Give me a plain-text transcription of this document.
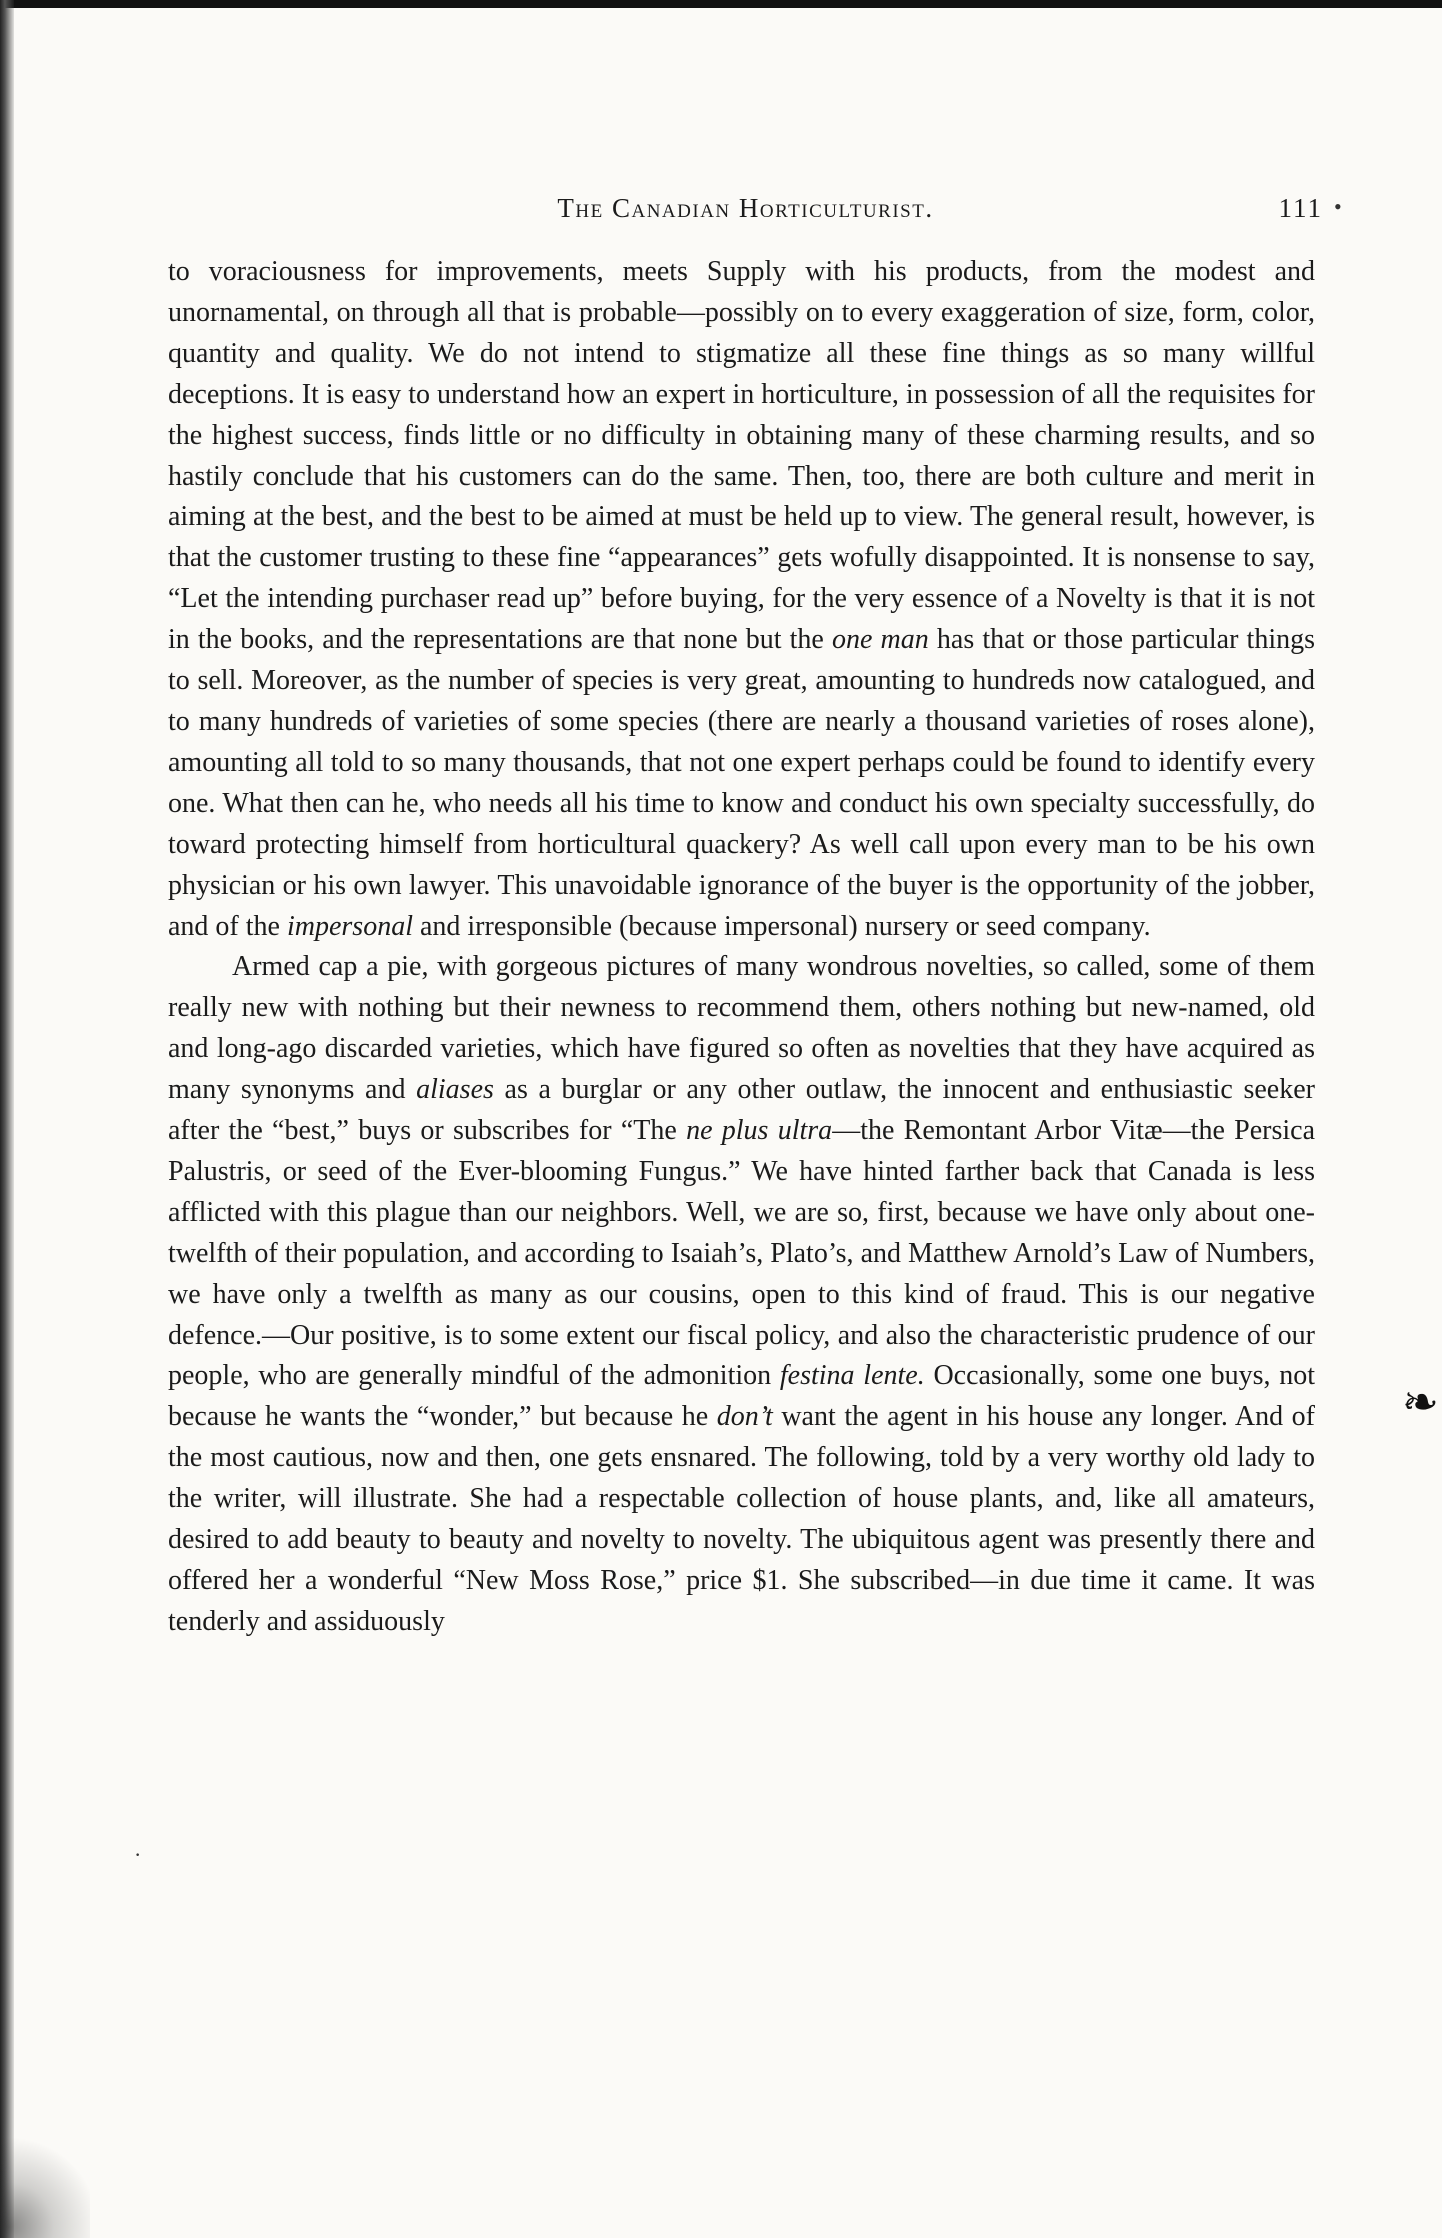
❧
•
·
The Canadian Horticulturist.	111

to voraciousness for improvements, meets Supply with his products, from the modest and unornamental, on through all that is probable—possibly on to every exaggeration of size, form, color, quantity and quality. We do not intend to stigmatize all these fine things as so many willful deceptions. It is easy to understand how an expert in horticulture, in possession of all the requisites for the highest success, finds little or no difficulty in obtaining many of these charming results, and so hastily conclude that his customers can do the same. Then, too, there are both culture and merit in aiming at the best, and the best to be aimed at must be held up to view. The general result, however, is that the customer trusting to these fine “appearances” gets wofully disappointed. It is nonsense to say, “Let the intending purchaser read up” before buying, for the very essence of a Novelty is that it is not in the books, and the representations are that none but the one man has that or those particular things to sell. Moreover, as the number of species is very great, amounting to hundreds now catalogued, and to many hundreds of varieties of some species (there are nearly a thousand varieties of roses alone), amounting all told to so many thousands, that not one expert perhaps could be found to identify every one. What then can he, who needs all his time to know and conduct his own specialty successfully, do toward protecting himself from horticultural quackery? As well call upon every man to be his own physician or his own lawyer. This unavoidable ignorance of the buyer is the opportunity of the jobber, and of the impersonal and irresponsible (because impersonal) nursery or seed company.

Armed cap a pie, with gorgeous pictures of many wondrous novelties, so called, some of them really new with nothing but their newness to recommend them, others nothing but new-named, old and long-ago discarded varieties, which have figured so often as novelties that they have acquired as many synonyms and aliases as a burglar or any other outlaw, the innocent and enthusiastic seeker after the “best,” buys or subscribes for “The ne plus ultra—the Remontant Arbor Vitæ—the Persica Palustris, or seed of the Ever-blooming Fungus.” We have hinted farther back that Canada is less afflicted with this plague than our neighbors. Well, we are so, first, because we have only about one-twelfth of their population, and according to Isaiah’s, Plato’s, and Matthew Arnold’s Law of Numbers, we have only a twelfth as many as our cousins, open to this kind of fraud. This is our negative defence.—Our positive, is to some extent our fiscal policy, and also the characteristic prudence of our people, who are generally mindful of the admonition festina lente. Occasionally, some one buys, not because he wants the “wonder,” but because he don’t want the agent in his house any longer. And of the most cautious, now and then, one gets ensnared. The following, told by a very worthy old lady to the writer, will illustrate. She had a respectable collection of house plants, and, like all amateurs, desired to add beauty to beauty and novelty to novelty. The ubiquitous agent was presently there and offered her a wonderful “New Moss Rose,” price $1. She subscribed—in due time it came. It was tenderly and assiduously
